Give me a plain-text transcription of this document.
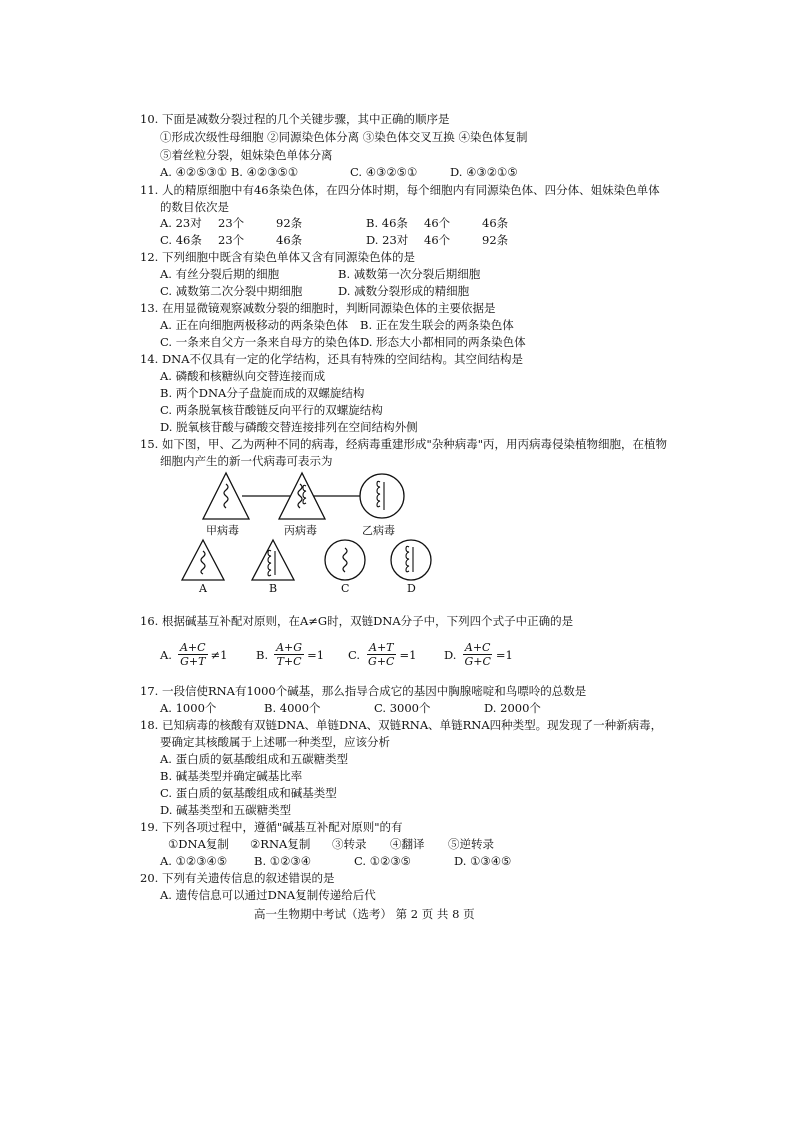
10. 下面是减数分裂过程的几个关键步骤，其中正确的顺序是
①形成次级性母细胞 ②同源染色体分离 ③染色体交叉互换 ④染色体复制
⑤着丝粒分裂，姐妹染色单体分离
A. ④②⑤③① B. ④②③⑤①	C. ④③②⑤①	D. ④③②①⑤
11. 人的精原细胞中有46条染色体，在四分体时期，每个细胞内有同源染色体、四分体、姐妹染色单体
的数目依次是
A. 23对 23个	92条	B. 46条 46个	46条
C. 46条 23个	46条	D. 23对 46个	92条
12. 下列细胞中既含有染色单体又含有同源染色体的是
A. 有丝分裂后期的细胞	B. 减数第一次分裂后期细胞
C. 减数第二次分裂中期细胞	D. 减数分裂形成的精细胞
13. 在用显微镜观察减数分裂的细胞时，判断同源染色体的主要依据是
A. 正在向细胞两极移动的两条染色体 B. 正在发生联会的两条染色体
C. 一条来自父方一条来自母方的染色体D. 形态大小都相同的两条染色体
14. DNA不仅具有一定的化学结构，还具有特殊的空间结构。其空间结构是
A. 磷酸和核糖纵向交替连接而成
B. 两个DNA分子盘旋而成的双螺旋结构
C. 两条脱氧核苷酸链反向平行的双螺旋结构
D. 脱氧核苷酸与磷酸交替连接排列在空间结构外侧
15. 如下图，甲、乙为两种不同的病毒，经病毒重建形成"杂种病毒"丙，用丙病毒侵染植物细胞，在植物
细胞内产生的新一代病毒可表示为
甲病毒	丙病毒	乙病毒
A	B	C	D
16. 根据碱基互补配对原则，在A≠G时，双链DNA分子中，下列四个式子中正确的是
A. $\frac{A+C}{G+T} \ne 1$ B. $\frac{A+G}{T+C} =1$ C. $\frac{A+T}{G+C} =1$ D. $\frac{A+C}{G+C} =1$
17. 一段信使RNA有1000个碱基，那么指导合成它的基因中胸腺嘧啶和鸟嘌呤的总数是
A. 1000个	B. 4000个	C. 3000个	D. 2000个
18. 已知病毒的核酸有双链DNA、单链DNA、双链RNA、单链RNA四种类型。现发现了一种新病毒，
要确定其核酸属于上述哪一种类型，应该分析
A. 蛋白质的氨基酸组成和五碳糖类型
B. 碱基类型并确定碱基比率
C. 蛋白质的氨基酸组成和碱基类型
D. 碱基类型和五碳糖类型
19. 下列各项过程中，遵循"碱基互补配对原则"的有
①DNA复制 ②RNA复制 ③转录 ④翻译 ⑤逆转录
A. ①②③④⑤ B. ①②③④	C. ①②③⑤	D. ①③④⑤
20. 下列有关遗传信息的叙述错误的是
A. 遗传信息可以通过DNA复制传递给后代
高一生物期中考试（选考） 第 2 页 共 8 页
